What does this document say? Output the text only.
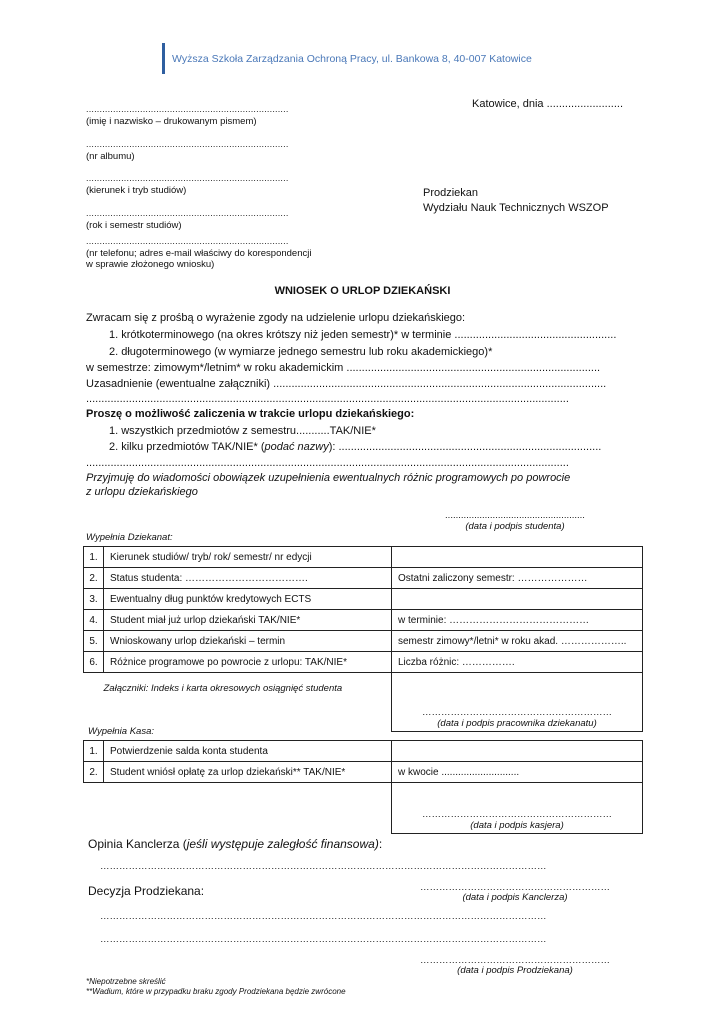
Wyższa Szkoła Zarządzania Ochroną Pracy, ul. Bankowa 8, 40-007 Katowice
Katowice, dnia .........................
...........................................................................
(imię i nazwisko – drukowanym pismem)
...........................................................................
(nr albumu)
...........................................................................
(kierunek i tryb studiów)
...........................................................................
(rok i semestr studiów)
...........................................................................
(nr telefonu; adres e-mail właściwy do korespondencji
w sprawie złożonego wniosku)
Prodziekan
Wydziału Nauk Technicznych WSZOP
WNIOSEK O URLOP DZIEKAŃSKI
Zwracam się z prośbą o wyrażenie zgody na udzielenie urlopu dziekańskiego:
1. krótkoterminowego (na okres krótszy niż jeden semestr)* w terminie .....................................................
2. długoterminowego (w wymiarze jednego semestru lub roku akademickiego)*
w semestrze: zimowym*/letnim* w roku akademickim ...................................................................................
Uzasadnienie (ewentualne załączniki) .............................................................................................................
..............................................................................................................................................................
Proszę o możliwość zaliczenia w trakcie urlopu dziekańskiego:
1. wszystkich przedmiotów z semestru...........TAK/NIE*
2. kilku przedmiotów TAK/NIE* (podać nazwy): ......................................................................................
..............................................................................................................................................................
Przyjmuję do wiadomości obowiązek uzupełnienia ewentualnych różnic programowych po powrocie
z urlopu dziekańskiego
.....................................................
(data i podpis studenta)
Wypełnia Dziekanat:
1.	Kierunek studiów/ tryb/ rok/ semestr/ nr edycji	
2.	Status studenta: ……………………………….	Ostatni zaliczony semestr: …………………
3.	Ewentualny dług punktów kredytowych ECTS	
4.	Student miał już urlop dziekański TAK/NIE*	w terminie: ……………………………………
5.	Wnioskowany urlop dziekański – termin	semestr zimowy*/letni* w roku akad. ………………..
6.	Różnice programowe po powrocie z urlopu: TAK/NIE*	Liczba różnic: …………….
Załączniki: Indeks i karta okresowych osiągnięć studenta		……………………………………………………
(data i podpis pracownika dziekanatu)
Wypełnia Kasa:
1.	Potwierdzenie salda konta studenta	
2.	Student wniósł opłatę za urlop dziekański** TAK/NIE*	w kwocie ............................

		……………………………………………………
(data i podpis kasjera)
Opinia Kanclerza (jeśli występuje zaległość finansowa):
……………………………………………………………………………………………………………………………
……………………………………………………
(data i podpis Kanclerza)
Decyzja Prodziekana:
……………………………………………………………………………………………………………………………
……………………………………………………………………………………………………………………………
……………………………………………………
(data i podpis Prodziekana)
*Niepotrzebne skreślić
**Wadium, które w przypadku braku zgody Prodziekana będzie zwrócone
